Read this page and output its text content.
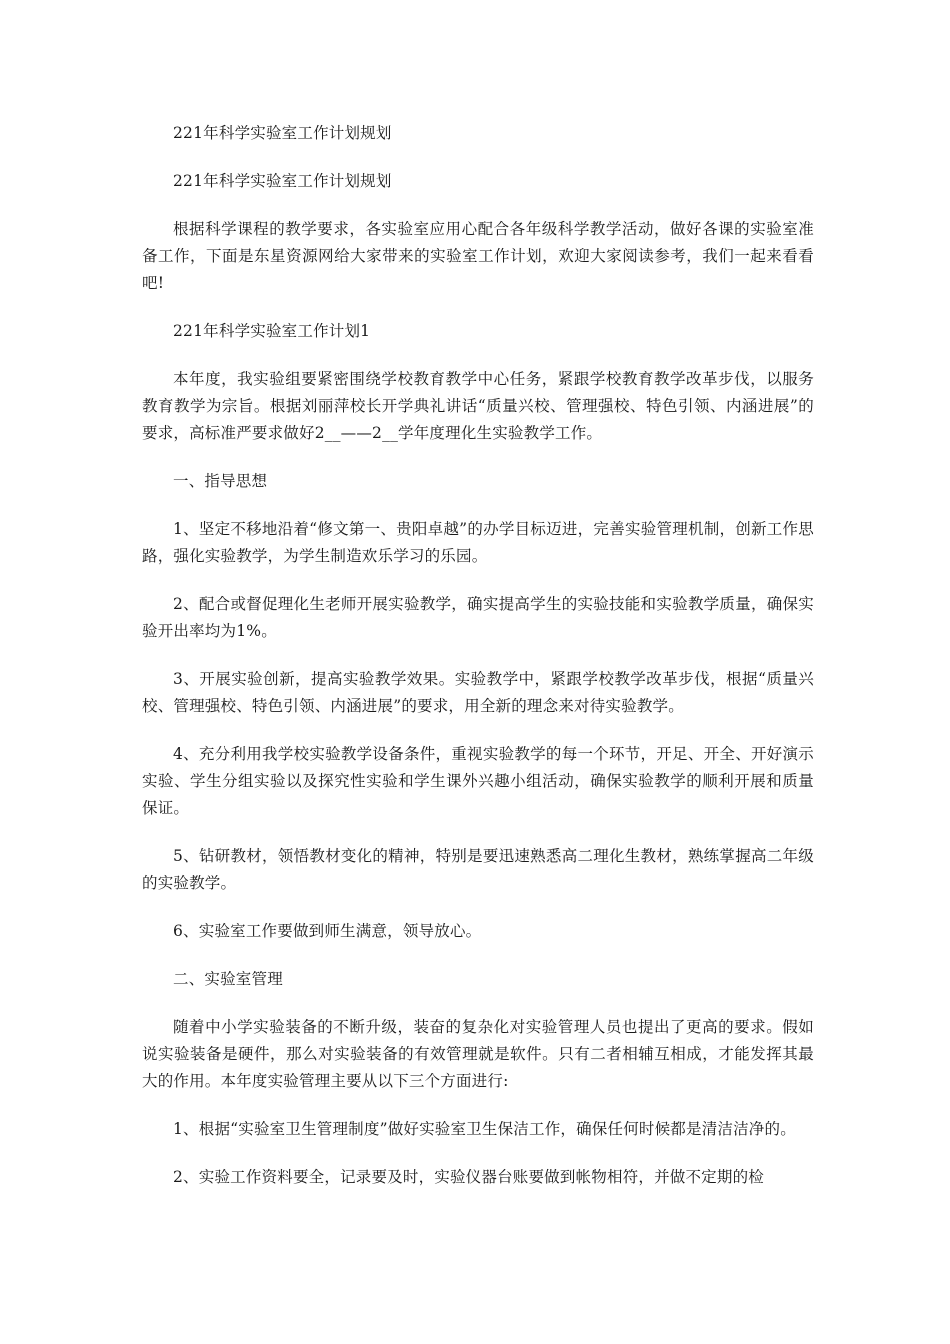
221年科学实验室工作计划规划

221年科学实验室工作计划规划

根据科学课程的教学要求，各实验室应用心配合各年级科学教学活动，做好各课的实验室准备工作，下面是东星资源网给大家带来的实验室工作计划，欢迎大家阅读参考，我们一起来看看吧!

221年科学实验室工作计划1

本年度，我实验组要紧密围绕学校教育教学中心任务，紧跟学校教育教学改革步伐，以服务教育教学为宗旨。根据刘丽萍校长开学典礼讲话“质量兴校、管理强校、特色引领、内涵进展”的要求，高标准严要求做好2__——2__学年度理化生实验教学工作。

一、指导思想

1、坚定不移地沿着“修文第一、贵阳卓越”的办学目标迈进，完善实验管理机制，创新工作思路，强化实验教学，为学生制造欢乐学习的乐园。

2、配合或督促理化生老师开展实验教学，确实提高学生的实验技能和实验教学质量，确保实验开出率均为1%。

3、开展实验创新，提高实验教学效果。实验教学中，紧跟学校教学改革步伐，根据“质量兴校、管理强校、特色引领、内涵进展”的要求，用全新的理念来对待实验教学。

4、充分利用我学校实验教学设备条件，重视实验教学的每一个环节，开足、开全、开好演示实验、学生分组实验以及探究性实验和学生课外兴趣小组活动，确保实验教学的顺利开展和质量保证。

5、钻研教材，领悟教材变化的精神，特别是要迅速熟悉高二理化生教材，熟练掌握高二年级的实验教学。

6、实验室工作要做到师生满意，领导放心。

二、实验室管理

随着中小学实验装备的不断升级，装奋的复杂化对实验管理人员也提出了更高的要求。假如说实验装备是硬件，那么对实验装备的有效管理就是软件。只有二者相辅互相成，才能发挥其最大的作用。本年度实验管理主要从以下三个方面进行:

1、根据“实验室卫生管理制度”做好实验室卫生保洁工作，确保任何时候都是清洁洁净的。

2、实验工作资料要全，记录要及时，实验仪器台账要做到帐物相符，并做不定期的检
